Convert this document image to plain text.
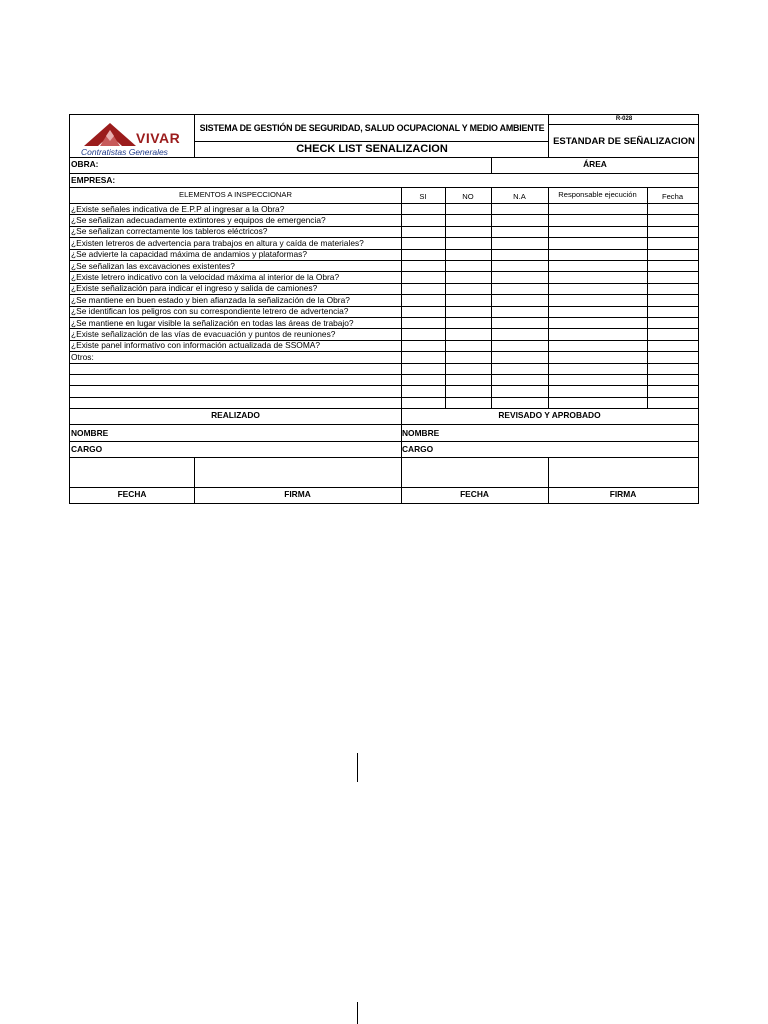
VIVAR
Contratistas Generales
SISTEMA DE GESTIÓN DE SEGURIDAD, SALUD OCUPACIONAL Y MEDIO AMBIENTE
CHECK LIST SENALIZACION
R-028
ESTANDAR DE SEÑALIZACION
OBRA:	ÁREA
EMPRESA:
ELEMENTOS A INSPECCIONAR	SI	NO	N.A	Responsable ejecución	Fecha
¿Existe señales indicativa de E.P.P al ingresar a la Obra?
¿Se señalizan adecuadamente extintores y equipos de emergencia?
¿Se señalizan correctamente los tableros eléctricos?
¿Existen letreros de advertencia para trabajos en altura y caída de materiales?
¿Se advierte la capacidad máxima de andamios y plataformas?
¿Se señalizan las excavaciones existentes?
¿Existe letrero indicativo con la velocidad máxima al interior de la Obra?
¿Existe señalización para indicar el ingreso y salida de camiones?
¿Se mantiene en buen estado y bien afianzada la señalización de la Obra?
¿Se identifican los peligros con su correspondiente letrero de advertencia?
¿Se mantiene en lugar visible la señalización en todas las áreas de trabajo?
¿Existe señalización de las vías de evacuación y puntos de reuniones?
¿Existe panel informativo con información actualizada de SSOMA?
Otros:
REALIZADO	REVISADO Y APROBADO
NOMBRE	NOMBRE
CARGO	CARGO
FECHA	FIRMA	FECHA	FIRMA
